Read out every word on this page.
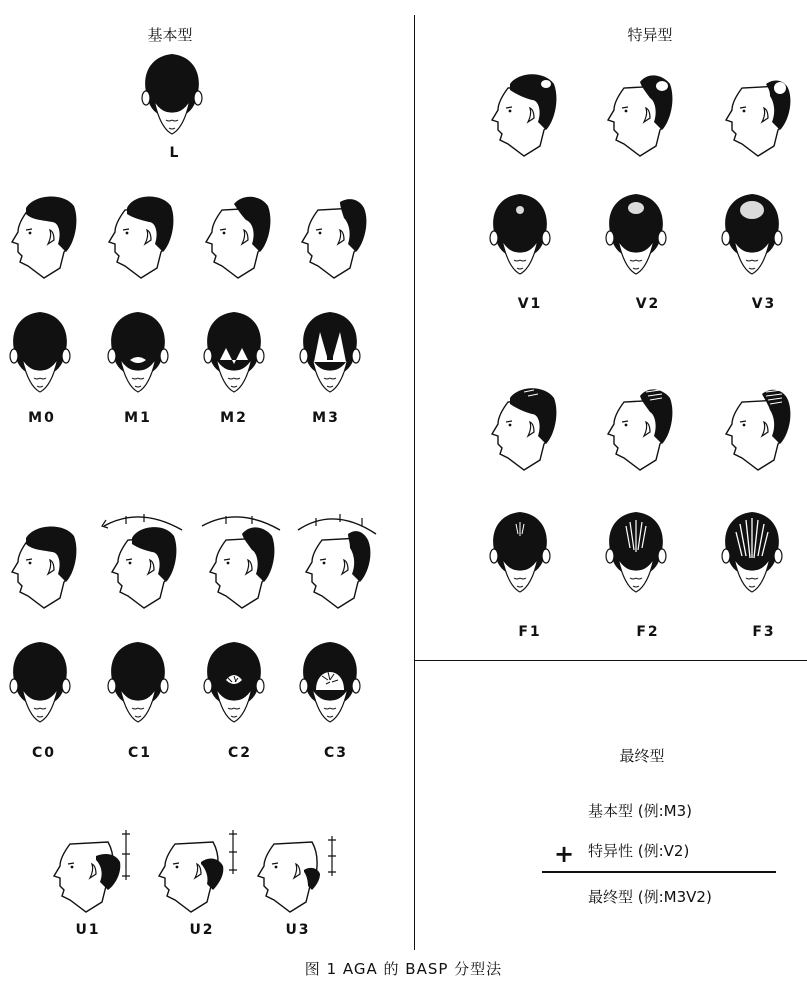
基本型
L
M0	M1	M2	M3
C0	C1	C2	C3
U1	U2	U3
特异型
V1	V2	V3
F1	F2	F3
最终型
基本型 (例:M3)
+ 特异性 (例:V2)
最终型 (例:M3V2)
图 1 AGA 的 BASP 分型法
